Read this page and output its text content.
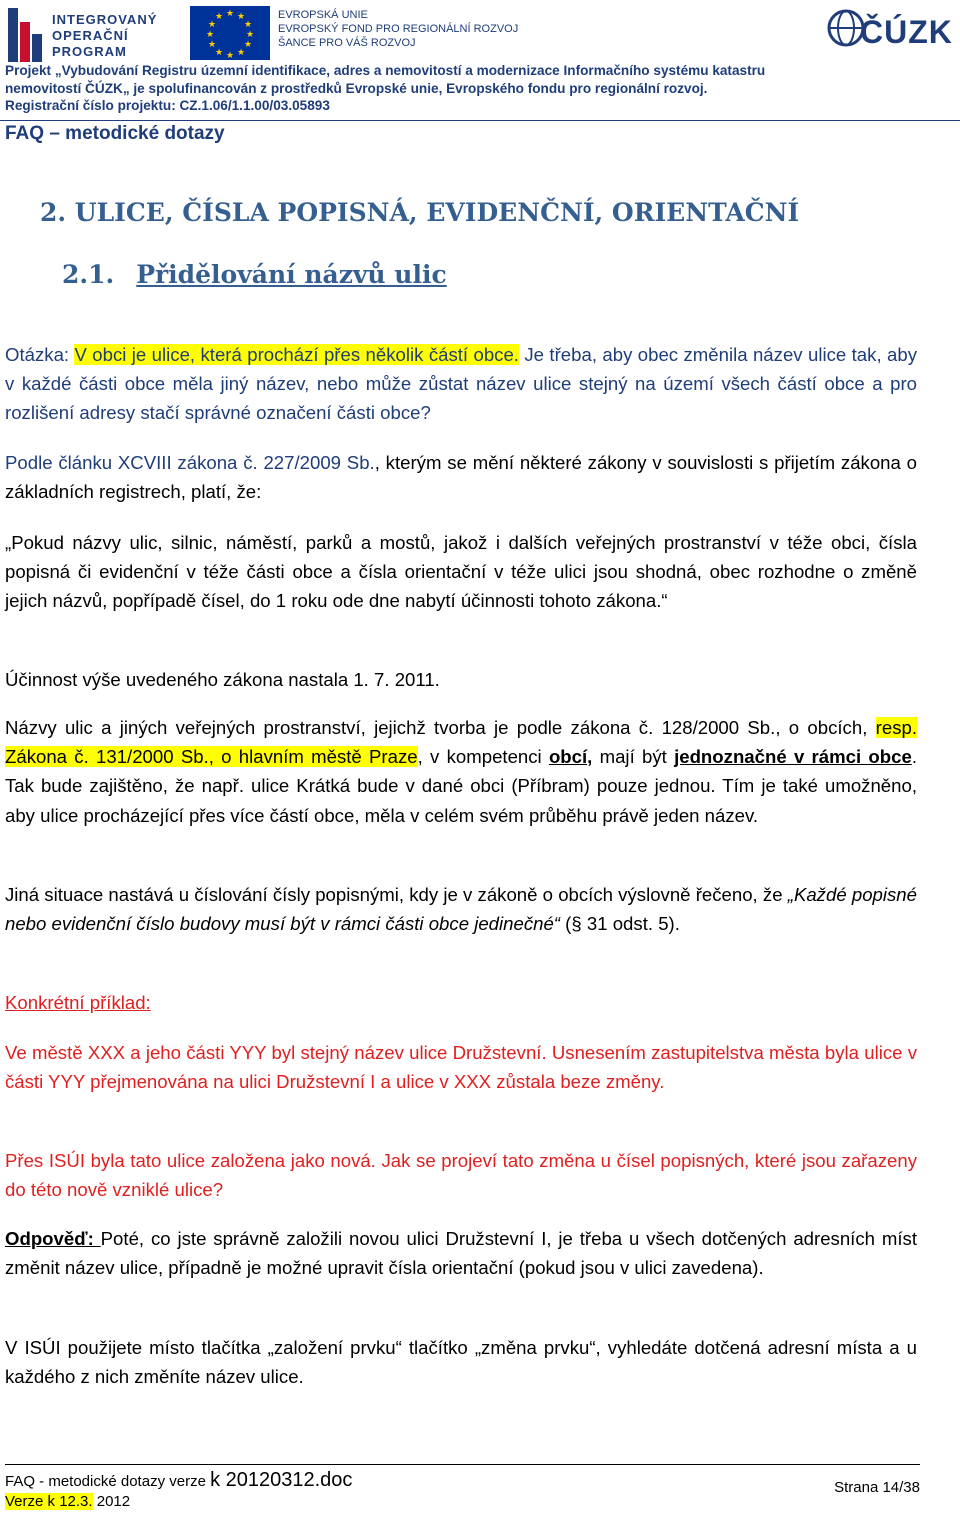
INTEGROVANÝ
OPERAČNÍ
PROGRAM
★ ★
★
★
★
★
★
★
★
★
★
★	EVROPSKÁ UNIE
EVROPSKÝ FOND PRO REGIONÁLNÍ ROZVOJ
ŠANCE PRO VÁŠ ROZVOJ	ČÚZK
Projekt „Vybudování Registru územní identifikace, adres a nemovitostí a modernizace Informačního systému katastru
nemovitostí ČÚZK„ je spolufinancován z prostředků Evropské unie, Evropského fondu pro regionální rozvoj.
Registrační číslo projektu: CZ.1.06/1.1.00/03.05893
FAQ – metodické dotazy
2. ULICE, ČÍSLA POPISNÁ, EVIDENČNÍ, ORIENTAČNÍ
2.1. Přidělování názvů ulic
Otázka: V obci je ulice, která prochází přes několik částí obce. Je třeba, aby obec změnila název ulice tak, aby v každé části obce měla jiný název, nebo může zůstat název ulice stejný na území všech částí obce a pro rozlišení adresy stačí správné označení části obce?
Podle článku XCVIII zákona č. 227/2009 Sb., kterým se mění některé zákony v souvislosti s přijetím zákona o základních registrech, platí, že:
„Pokud názvy ulic, silnic, náměstí, parků a mostů, jakož i dalších veřejných prostranství v téže obci, čísla popisná či evidenční v téže části obce a čísla orientační v téže ulici jsou shodná, obec rozhodne o změně jejich názvů, popřípadě čísel, do 1 roku ode dne nabytí účinnosti tohoto zákona.“
Účinnost výše uvedeného zákona nastala 1. 7. 2011.
Názvy ulic a jiných veřejných prostranství, jejichž tvorba je podle zákona č. 128/2000 Sb., o obcích, resp. Zákona č. 131/2000 Sb., o hlavním městě Praze, v kompetenci obcí, mají být jednoznačné v rámci obce. Tak bude zajištěno, že např. ulice Krátká bude v dané obci (Příbram) pouze jednou. Tím je také umožněno, aby ulice procházející přes více částí obce, měla v celém svém průběhu právě jeden název.
Jiná situace nastává u číslování čísly popisnými, kdy je v zákoně o obcích výslovně řečeno, že „Každé popisné nebo evidenční číslo budovy musí být v rámci části obce jedinečné“ (§ 31 odst. 5).
Konkrétní příklad:
Ve městě XXX a jeho části YYY byl stejný název ulice Družstevní. Usnesením zastupitelstva města byla ulice v části YYY přejmenována na ulici Družstevní I a ulice v XXX zůstala beze změny.
Přes ISÚI byla tato ulice založena jako nová. Jak se projeví tato změna u čísel popisných, které jsou zařazeny do této nově vzniklé ulice?
Odpověď: Poté, co jste správně založili novou ulici Družstevní I, je třeba u všech dotčených adresních míst změnit název ulice, případně je možné upravit čísla orientační (pokud jsou v ulici zavedena).
V ISÚI použijete místo tlačítka „založení prvku“ tlačítko „změna prvku“, vyhledáte dotčená adresní místa a u každého z nich změníte název ulice.
FAQ - metodické dotazy verze k 20120312.doc
Verze k 12.3. 2012
Strana 14/38
